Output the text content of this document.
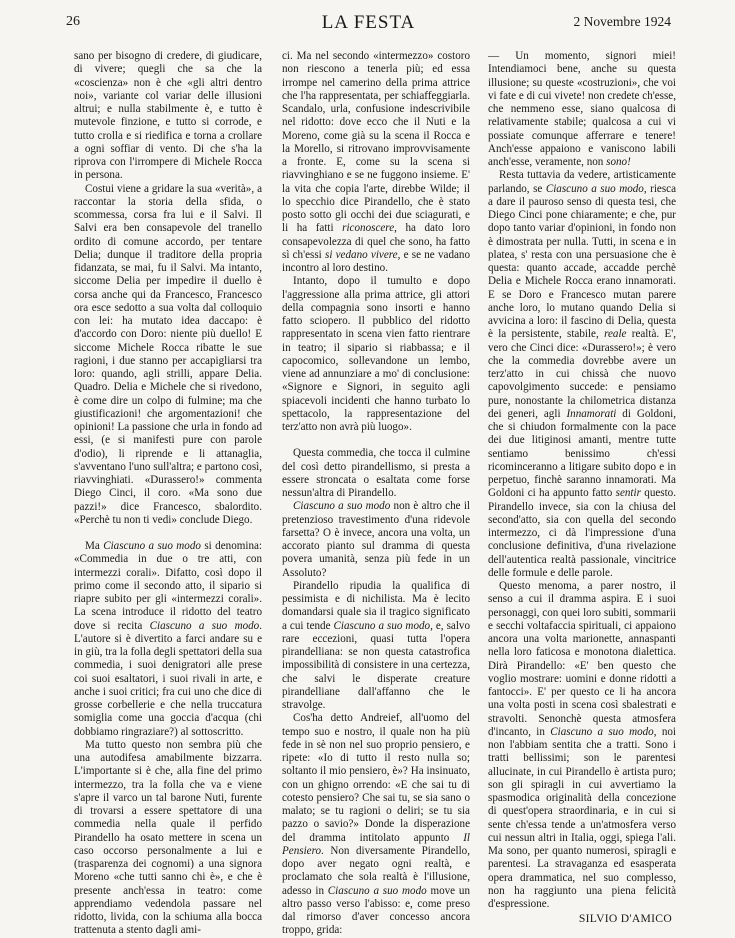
26	LA FESTA	2 Novembre 1924

sano per bisogno di credere, di giudicare, di vivere; quegli che sa che la «coscienza» non è che «gli altri dentro noi», variante col variar delle illusioni altrui; e nulla stabilmente è, e tutto è mutevole finzione, e tutto si corrode, e tutto crolla e si riedifica e torna a crollare a ogni soffiar di vento. Di che s'ha la riprova con l'irrompere di Michele Rocca in persona.

Costui viene a gridare la sua «verità», a raccontar la storia della sfida, o scommessa, corsa fra lui e il Salvi. Il Salvi era ben consapevole del tranello ordito di comune accordo, per tentare Delia; dunque il traditore della propria fidanzata, se mai, fu il Salvi. Ma intanto, siccome Delia per impedire il duello è corsa anche qui da Francesco, Francesco ora esce sedotto a sua volta dal colloquio con lei: ha mutato idea daccapo: è d'accordo con Doro: niente più duello! E siccome Michele Rocca ribatte le sue ragioni, i due stanno per accapigliarsi tra loro: quando, agli strilli, appare Delia. Quadro. Delia e Michele che si rivedono, è come dire un colpo di fulmine; ma che giustificazioni! che argomentazioni! che opinioni! La passione che urla in fondo ad essi, (e si manifesti pure con parole d'odio), li riprende e li attanaglia, s'avventano l'uno sull'altra; e partono così, riavvinghiati. «Durassero!» commenta Diego Cinci, il coro. «Ma sono due pazzi!» dice Francesco, sbalordito. «Perchè tu non ti vedi» conclude Diego.

Ma Ciascuno a suo modo si denomina: «Commedia in due o tre atti, con intermezzi corali». Difatto, così dopo il primo come il secondo atto, il sipario si riapre subito per gli «intermezzi corali». La scena introduce il ridotto del teatro dove si recita Ciascuno a suo modo. L'autore si è divertito a farci andare su e in giù, tra la folla degli spettatori della sua commedia, i suoi denigratori alle prese coi suoi esaltatori, i suoi rivali in arte, e anche i suoi critici; fra cui uno che dice di grosse corbellerie e che nella truccatura somiglia come una goccia d'acqua (chi dobbiamo ringraziare?) al sottoscritto.

Ma tutto questo non sembra più che una autodifesa amabilmente bizzarra. L'importante si è che, alla fine del primo intermezzo, tra la folla che va e viene s'apre il varco un tal barone Nuti, furente di trovarsi a essere spettatore di una commedia nella quale il perfido Pirandello ha osato mettere in scena un caso occorso personalmente a lui e (trasparenza dei cognomi) a una signora Moreno «che tutti sanno chi è», e che è presente anch'essa in teatro: come apprendiamo vedendola passare nel ridotto, livida, con la schiuma alla bocca trattenuta a stento dagli ami-

ci. Ma nel secondo «intermezzo» costoro non riescono a tenerla più; ed essa irrompe nel camerino della prima attrice che l'ha rappresentata, per schiaffeggiarla. Scandalo, urla, confusione indescrivibile nel ridotto: dove ecco che il Nuti e la Moreno, come già su la scena il Rocca e la Morello, si ritrovano improvvisamente a fronte. E, come su la scena si riavvinghiano e se ne fuggono insieme. E' la vita che copia l'arte, direbbe Wilde; il lo specchio dice Pirandello, che è stato posto sotto gli occhi dei due sciagurati, e li ha fatti riconoscere, ha dato loro consapevolezza di quel che sono, ha fatto sì ch'essi si vedano vivere, e se ne vadano incontro al loro destino.

Intanto, dopo il tumulto e dopo l'aggressione alla prima attrice, gli attori della compagnia sono insorti e hanno fatto sciopero. Il pubblico del ridotto rappresentato in scena vien fatto rientrare in teatro; il sipario si riabbassa; e il capocomico, sollevandone un lembo, viene ad annunziare a mo' di conclusione: «Signore e Signori, in seguito agli spiacevoli incidenti che hanno turbato lo spettacolo, la rappresentazione del terz'atto non avrà più luogo».

Questa commedia, che tocca il culmine del così detto pirandellismo, si presta a essere stroncata o esaltata come forse nessun'altra di Pirandello.

Ciascuno a suo modo non è altro che il pretenzioso travestimento d'una ridevole farsetta? O è invece, ancora una volta, un accorato pianto sul dramma di questa povera umanità, senza più fede in un Assoluto?

Pirandello ripudia la qualifica di pessimista e di nichilista. Ma è lecito domandarsi quale sia il tragico significato a cui tende Ciascuno a suo modo, e, salvo rare eccezioni, quasi tutta l'opera pirandelliana: se non questa catastrofica impossibilità di consistere in una certezza, che salvi le disperate creature pirandelliane dall'affanno che le stravolge.

Cos'ha detto Andreief, all'uomo del tempo suo e nostro, il quale non ha più fede in sè non nel suo proprio pensiero, e ripete: «Io di tutto il resto nulla so; soltanto il mio pensiero, è»? Ha insinuato, con un ghigno orrendo: «E che sai tu di cotesto pensiero? Che sai tu, se sia sano o malato; se tu ragioni o deliri; se tu sia pazzo o savio?» Donde la disperazione del dramma intitolato appunto Il Pensiero. Non diversamente Pirandello, dopo aver negato ogni realtà, e proclamato che sola realtà è l'illusione, adesso in Ciascuno a suo modo move un altro passo verso l'abisso: e, come preso dal rimorso d'aver concesso ancora troppo, grida:

— Un momento, signori miei! Intendiamoci bene, anche su questa illusione; su queste «costruzioni», che voi vi fate e di cui vivete! non credete ch'esse, che nemmeno esse, siano qualcosa di relativamente stabile; qualcosa a cui vi possiate comunque afferrare e tenere! Anch'esse appaiono e vaniscono labili anch'esse, veramente, non sono!

Resta tuttavia da vedere, artisticamente parlando, se Ciascuno a suo modo, riesca a dare il pauroso senso di questa tesi, che Diego Cinci pone chiaramente; e che, pur dopo tanto variar d'opinioni, in fondo non è dimostrata per nulla. Tutti, in scena e in platea, s' resta con una persuasione che è questa: quanto accade, accadde perchè Delia e Michele Rocca erano innamorati. E se Doro e Francesco mutan parere anche loro, lo mutano quando Delia si avvicina a loro: il fascino di Delia, questa è la persistente, stabile, reale realtà. E', vero che Cinci dice: «Durassero!»; è vero che la commedia dovrebbe avere un terz'atto in cui chissà che nuovo capovolgimento succede: e pensiamo pure, nonostante la chilometrica distanza dei generi, agli Innamorati di Goldoni, che si chiudon formalmente con la pace dei due litiginosi amanti, mentre tutte sentiamo benissimo ch'essi ricominceranno a litigare subito dopo e in perpetuo, finchè saranno innamorati. Ma Goldoni ci ha appunto fatto sentir questo. Pirandello invece, sia con la chiusa del second'atto, sia con quella del secondo intermezzo, ci dà l'impressione d'una conclusione definitiva, d'una rivelazione dell'autentica realtà passionale, vincitrice delle formule e delle parole.

Questo menoma, a parer nostro, il senso a cui il dramma aspira. E i suoi personaggi, con quei loro subiti, sommarii e secchi voltafaccia spirituali, ci appaiono ancora una volta marionette, annaspanti nella loro faticosa e monotona dialettica. Dirà Pirandello: «E' ben questo che voglio mostrare: uomini e donne ridotti a fantocci». E' per questo ce li ha ancora una volta posti in scena così sbalestrati e stravolti. Senonchè questa atmosfera d'incanto, in Ciascuno a suo modo, noi non l'abbiam sentita che a tratti. Sono i tratti bellissimi; son le parentesi allucinate, in cui Pirandello è artista puro; son gli spiragli in cui avvertiamo la spasmodica originalità della concezione di quest'opera straordinaria, e in cui si sente ch'essa tende a un'atmosfera verso cui nessun altri in Italia, oggi, spiega l'ali. Ma sono, per quanto numerosi, spiragli e parentesi. La stravaganza ed esasperata opera drammatica, nel suo complesso, non ha raggiunto una piena felicità d'espressione.

SILVIO D'AMICO
